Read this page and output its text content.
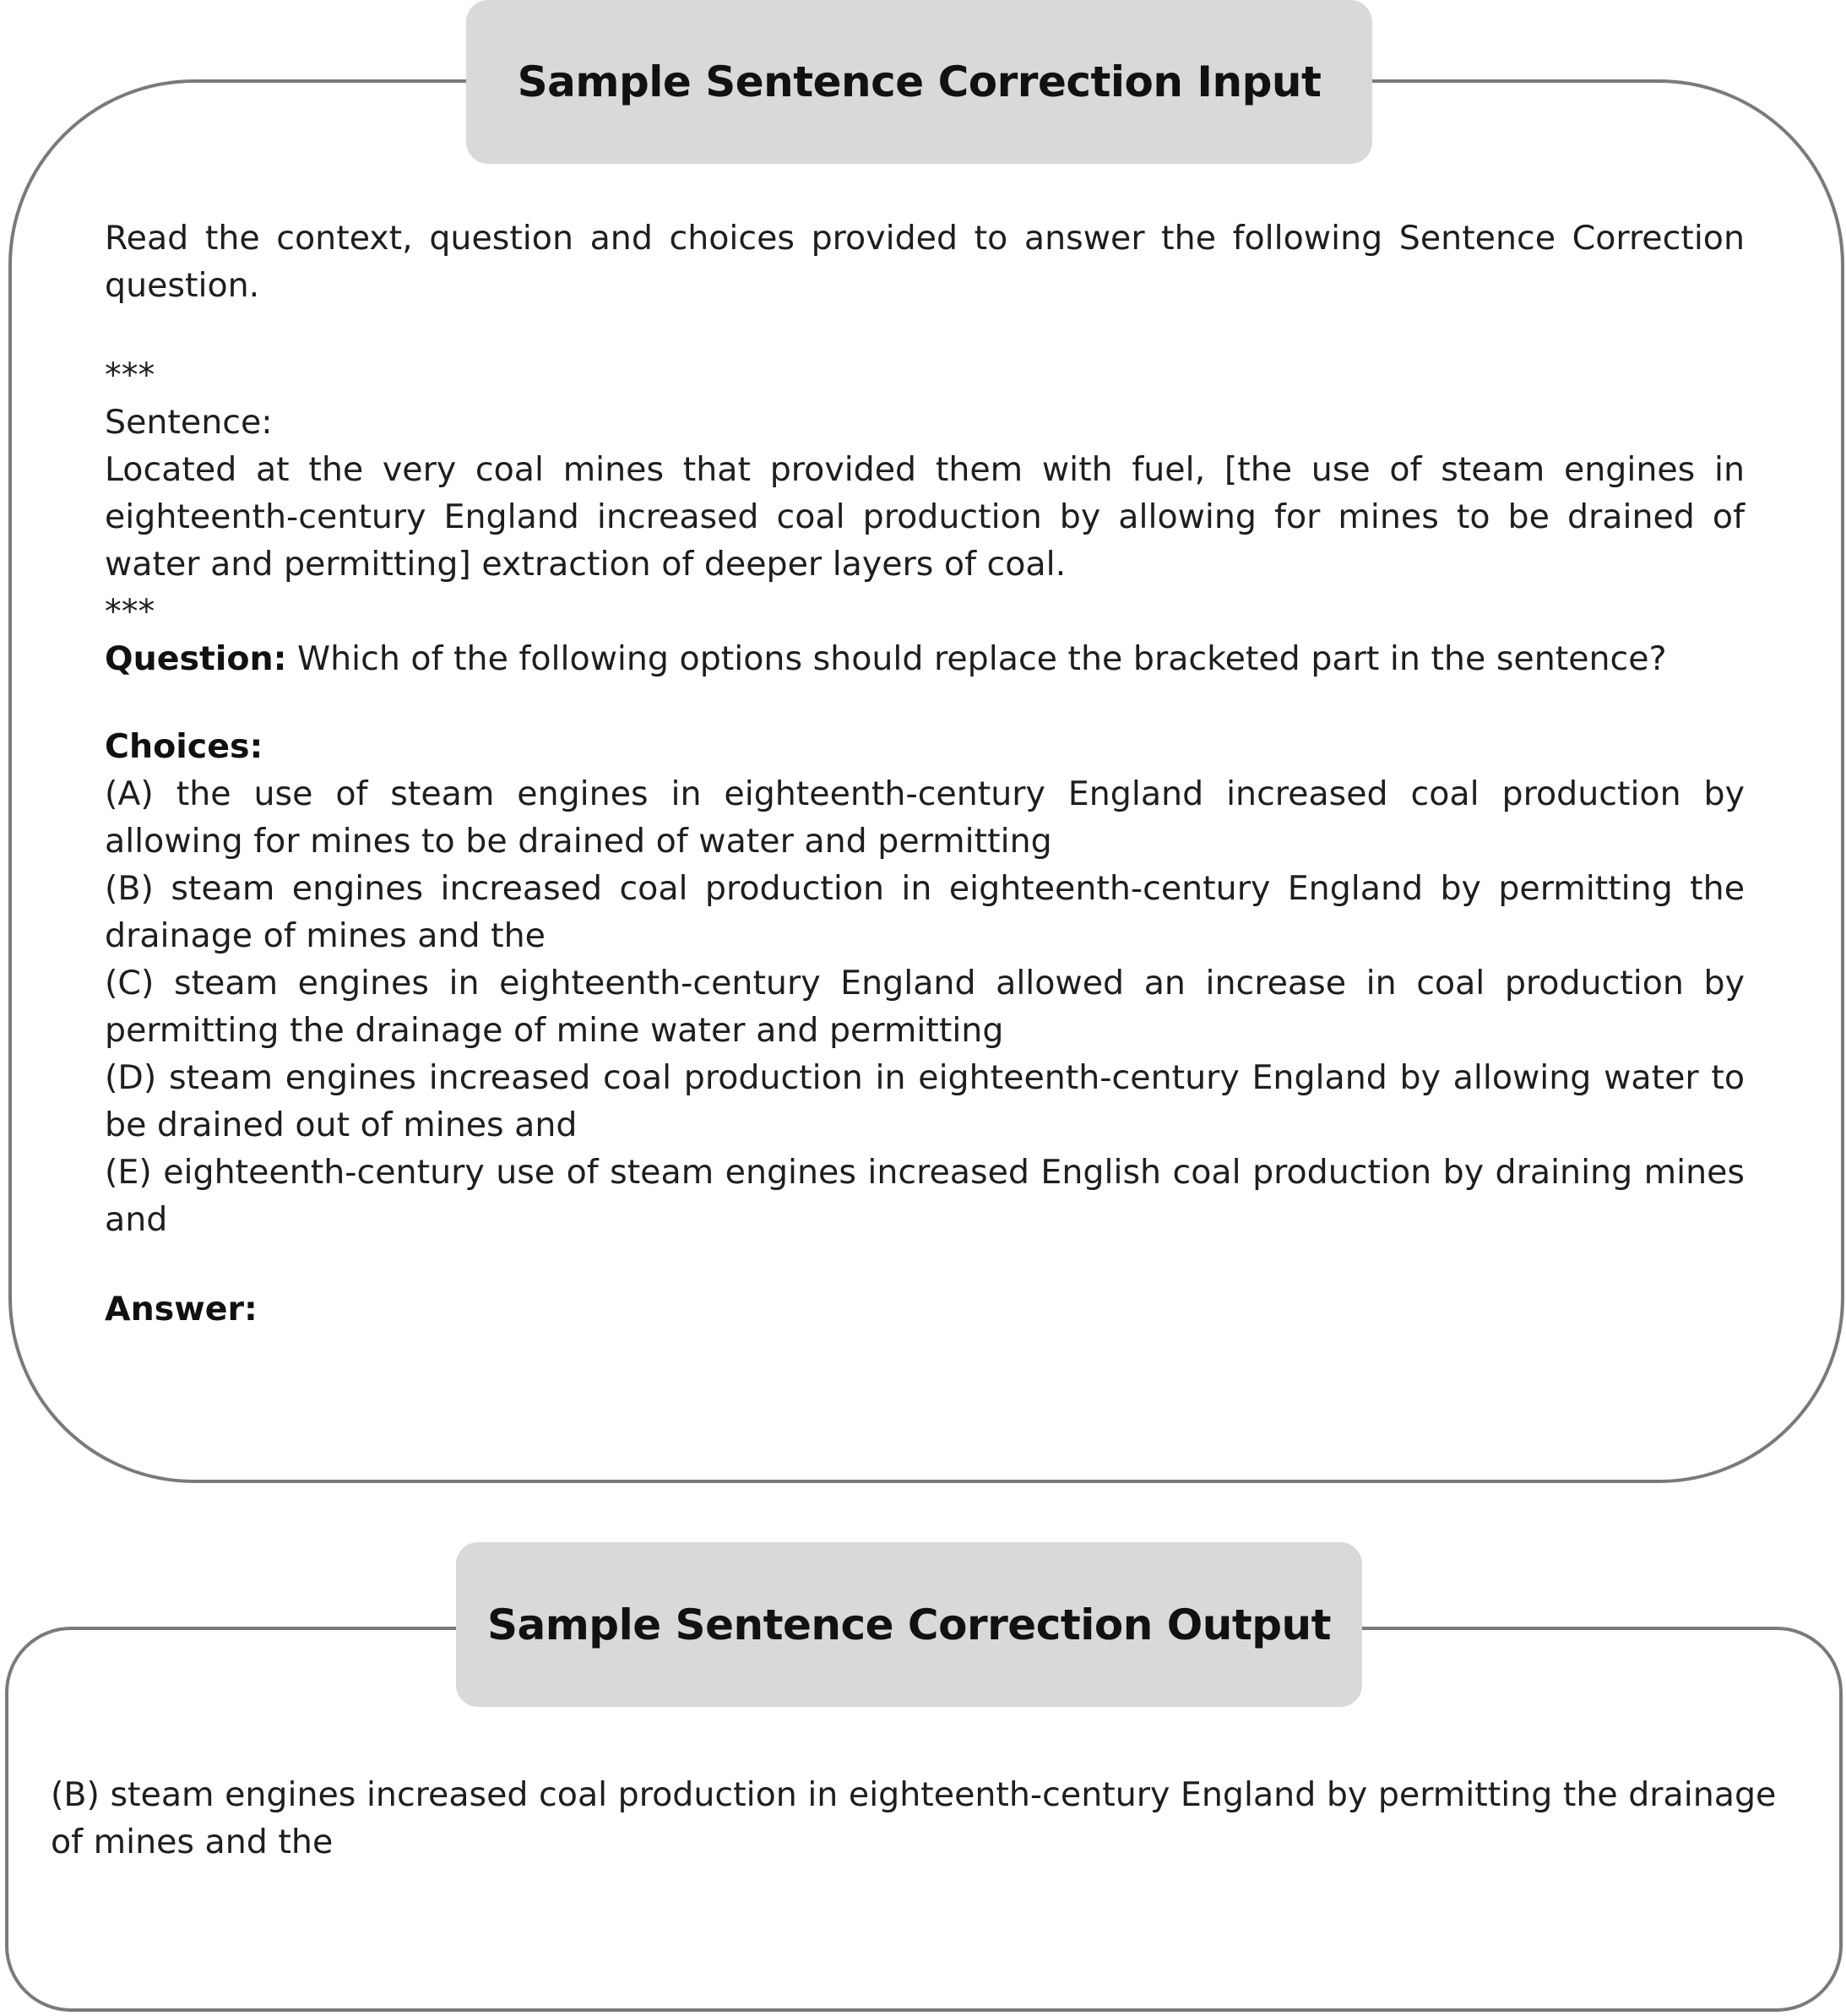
Sample Sentence Correction Input

Read the context, question and choices provided to answer the following Sentence Correction question.

***

Sentence:

Located at the very coal mines that provided them with fuel, [the use of steam engines in eighteenth-century England increased coal production by allowing for mines to be drained of water and permitting] extraction of deeper layers of coal.

***

Question: Which of the following options should replace the bracketed part in the sentence?

Choices:

(A) the use of steam engines in eighteenth-century England increased coal production by allowing for mines to be drained of water and permitting

(B) steam engines increased coal production in eighteenth-century England by permitting the drainage of mines and the

(C) steam engines in eighteenth-century England allowed an increase in coal production by permitting the drainage of mine water and permitting

(D) steam engines increased coal production in eighteenth-century England by allowing water to be drained out of mines and

(E) eighteenth-century use of steam engines increased English coal production by draining mines and

Answer:

Sample Sentence Correction Output

(B) steam engines increased coal production in eighteenth-century England by permitting the drainage of mines and the
